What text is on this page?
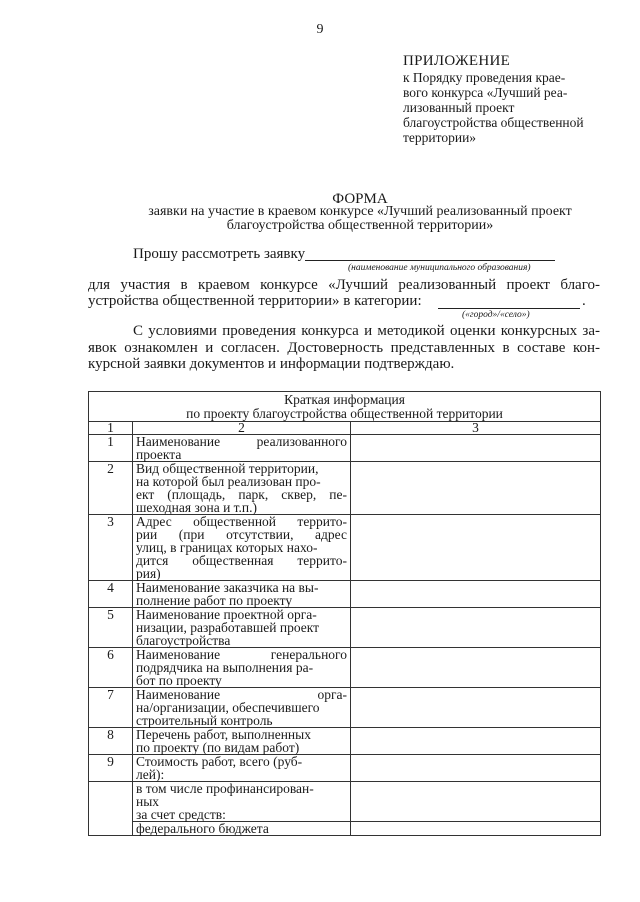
9
ПРИЛОЖЕНИЕ
к Порядку проведения крае-
вого конкурса «Лучший реа-
лизованный проект
благоустройства общественной
территории»
ФОРМА
заявки на участие в краевом конкурсе «Лучший реализованный проект
благоустройства общественной территории»
Прошу рассмотреть заявку
(наименование муниципального образования)
для участия в краевом конкурсе «Лучший реализованный проект благо-
устройства общественной территории» в категории:	.
(«город»/«село»)
С условиями проведения конкурса и методикой оценки конкурсных за-
явок ознакомлен и согласен. Достоверность представленных в составе кон-
курсной заявки документов и информации подтверждаю.
Краткая информация
по проекту благоустройства общественной территории		

1	2	3
1	Наименование реализованного
проекта	

2	Вид общественной территории,
на которой был реализован про-
ект (площадь, парк, сквер, пе-
шеходная зона и т.п.)	

3	Адрес общественной террито-
рии (при отсутствии, адрес
улиц, в границах которых нахо-
дится общественная террито-
рия)	

4	Наименование заказчика на вы-
полнение работ по проекту	

5	Наименование проектной орга-
низации, разработавшей проект
благоустройства	

6	Наименование генерального
подрядчика на выполнения ра-
бот по проекту	

7	Наименование орга-
на/организации, обеспечившего
строительный контроль	

8	Перечень работ, выполненных
по проекту (по видам работ)	

9	Стоимость работ, всего (руб-
лей):	

	в том числе профинансирован-
ных
за счет средств:	

	федерального бюджета	
